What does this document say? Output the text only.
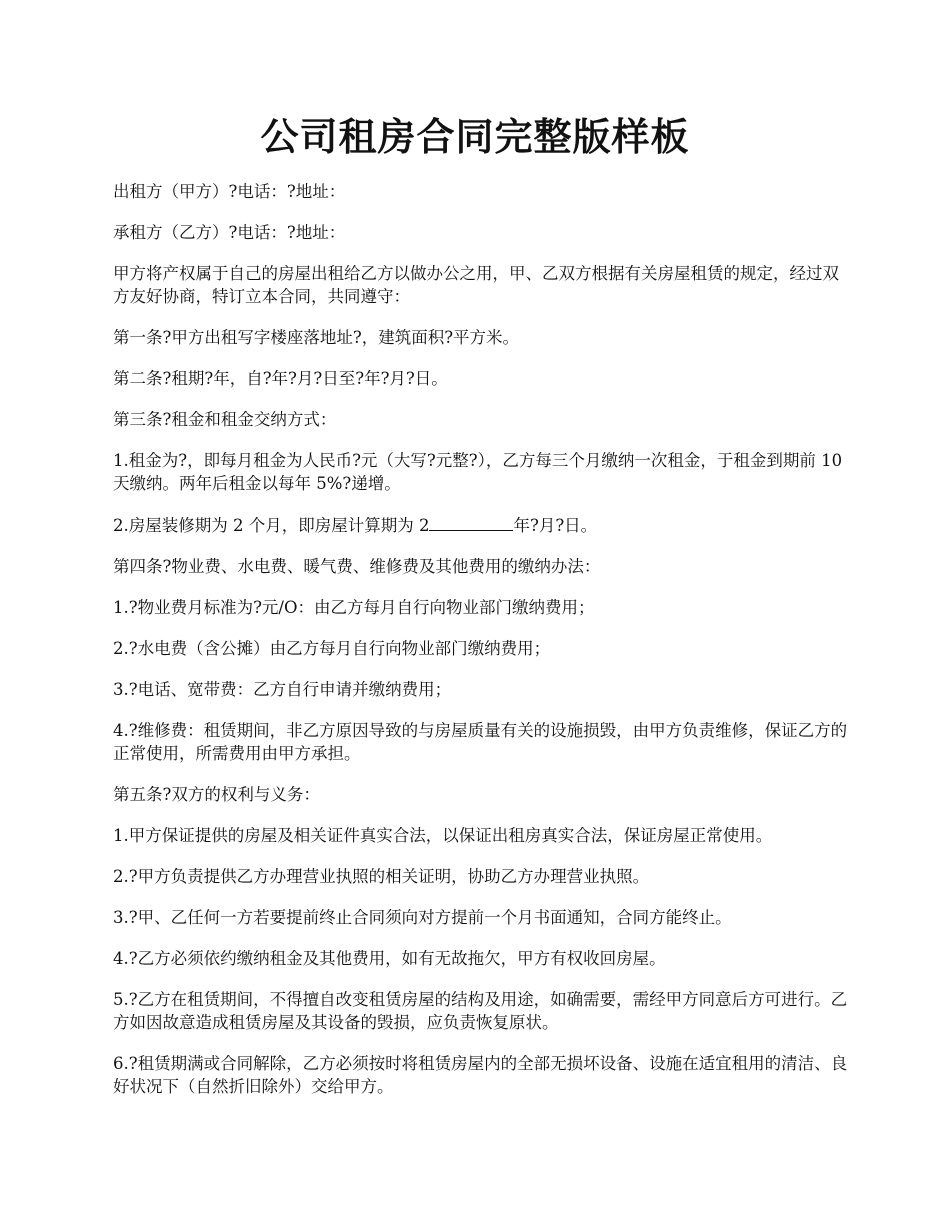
公司租房合同完整版样板

出租方（甲方）?电话：?地址：

承租方（乙方）?电话：?地址：

甲方将产权属于自己的房屋出租给乙方以做办公之用，甲、乙双方根据有关房屋租赁的规定，经过双方友好协商，特订立本合同，共同遵守：

第一条?甲方出租写字楼座落地址?，建筑面积?平方米。

第二条?租期?年，自?年?月?日至?年?月?日。

第三条?租金和租金交纳方式：

1.租金为?，即每月租金为人民币?元（大写?元整?），乙方每三个月缴纳一次租金，于租金到期前 10 天缴纳。两年后租金以每年 5%?递增。

2.房屋装修期为 2 个月，即房屋计算期为 2	年?月?日。

第四条?物业费、水电费、暖气费、维修费及其他费用的缴纳办法：

1.?物业费月标准为?元/O：由乙方每月自行向物业部门缴纳费用；

2.?水电费（含公摊）由乙方每月自行向物业部门缴纳费用；

3.?电话、宽带费：乙方自行申请并缴纳费用；

4.?维修费：租赁期间，非乙方原因导致的与房屋质量有关的设施损毁，由甲方负责维修，保证乙方的正常使用，所需费用由甲方承担。

第五条?双方的权利与义务：

1.甲方保证提供的房屋及相关证件真实合法，以保证出租房真实合法，保证房屋正常使用。

2.?甲方负责提供乙方办理营业执照的相关证明，协助乙方办理营业执照。

3.?甲、乙任何一方若要提前终止合同须向对方提前一个月书面通知，合同方能终止。

4.?乙方必须依约缴纳租金及其他费用，如有无故拖欠，甲方有权收回房屋。

5.?乙方在租赁期间，不得擅自改变租赁房屋的结构及用途，如确需要，需经甲方同意后方可进行。乙方如因故意造成租赁房屋及其设备的毁损，应负责恢复原状。

6.?租赁期满或合同解除，乙方必须按时将租赁房屋内的全部无损坏设备、设施在适宜租用的清洁、良好状况下（自然折旧除外）交给甲方。
